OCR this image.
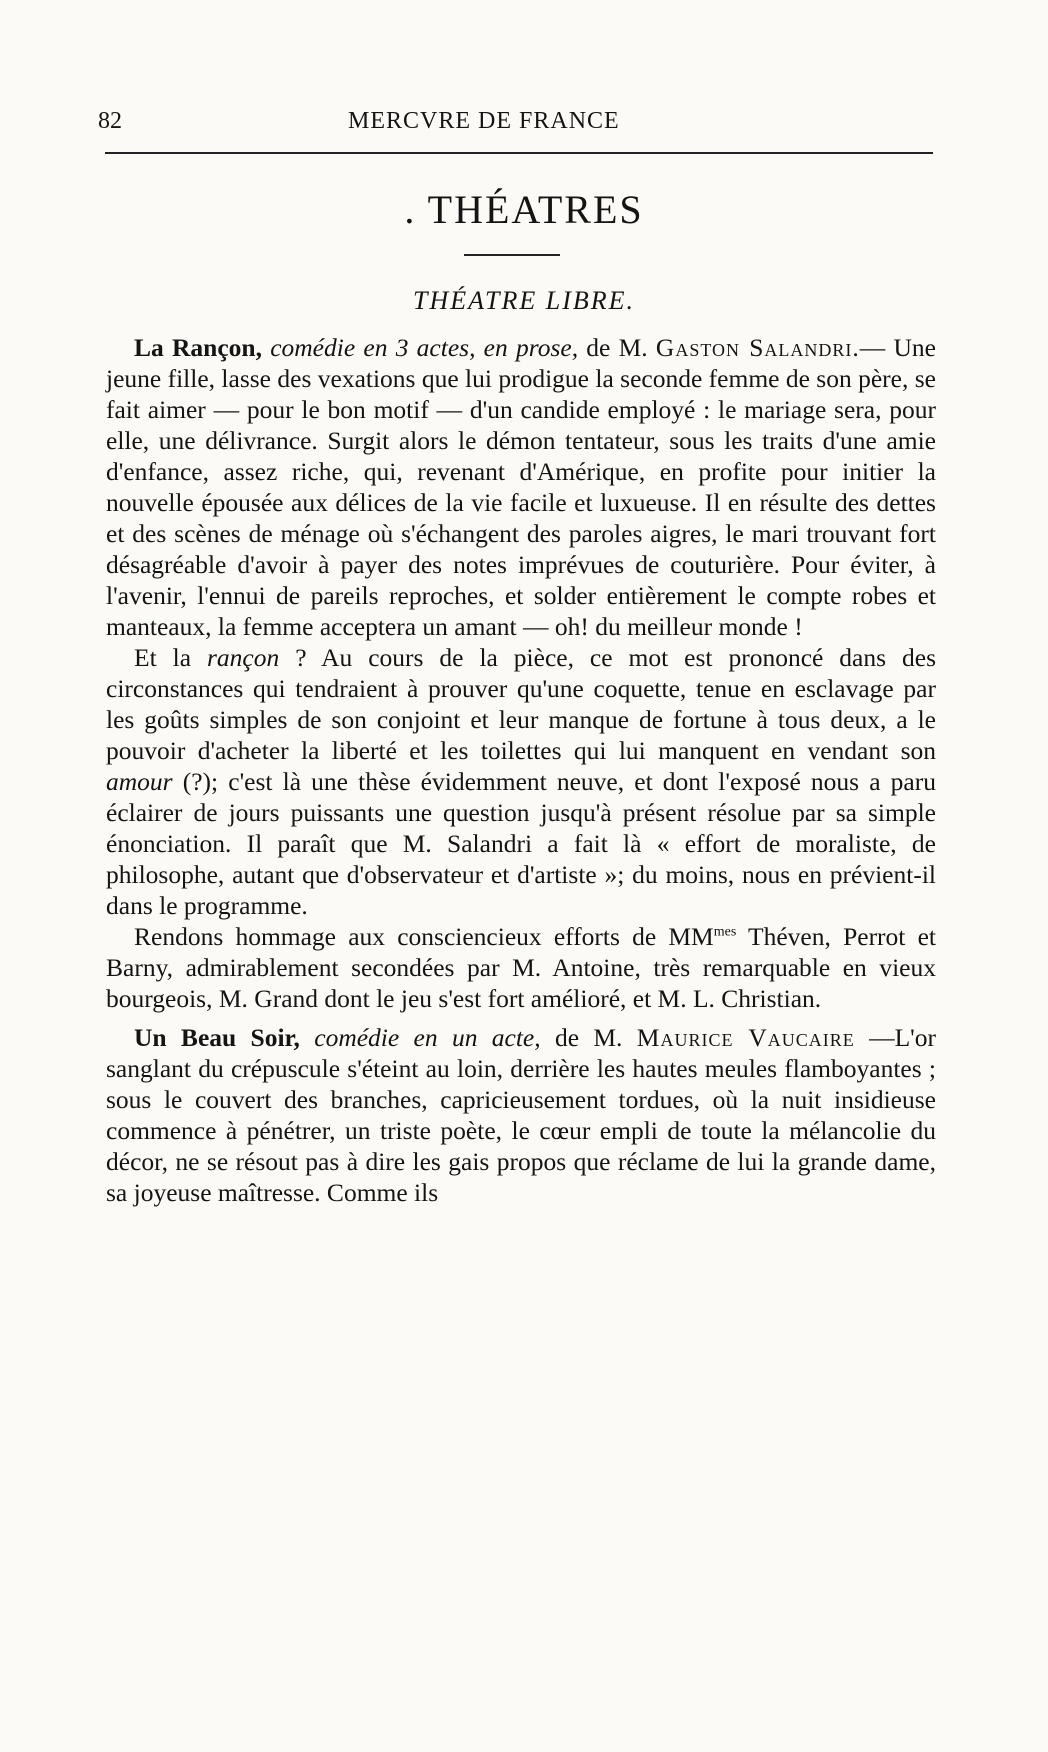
82	MERCVRE DE FRANCE
. THÉATRES
THÉATRE LIBRE.

La Rançon, comédie en 3 actes, en prose, de M. Gaston Salandri.— Une jeune fille, lasse des vexations que lui prodigue la seconde femme de son père, se fait aimer — pour le bon motif — d'un candide employé : le mariage sera, pour elle, une délivrance. Surgit alors le démon tentateur, sous les traits d'une amie d'enfance, assez riche, qui, revenant d'Amérique, en profite pour initier la nouvelle épousée aux délices de la vie facile et luxueuse. Il en résulte des dettes et des scènes de ménage où s'échangent des paroles aigres, le mari trouvant fort désagréable d'avoir à payer des notes imprévues de couturière. Pour éviter, à l'avenir, l'ennui de pareils reproches, et solder entièrement le compte robes et manteaux, la femme acceptera un amant — oh! du meilleur monde !

Et la rançon ? Au cours de la pièce, ce mot est prononcé dans des circonstances qui tendraient à prouver qu'une coquette, tenue en esclavage par les goûts simples de son conjoint et leur manque de fortune à tous deux, a le pouvoir d'acheter la liberté et les toilettes qui lui manquent en vendant son amour (?); c'est là une thèse évidemment neuve, et dont l'exposé nous a paru éclairer de jours puissants une question jusqu'à présent résolue par sa simple énonciation. Il paraît que M. Salandri a fait là « effort de moraliste, de philosophe, autant que d'observateur et d'artiste »; du moins, nous en prévient-il dans le programme.

Rendons hommage aux consciencieux efforts de $MM^{mes}$ Théven, Perrot et Barny, admirablement secondées par M. Antoine, très remarquable en vieux bourgeois, M. Grand dont le jeu s'est fort amélioré, et M. L. Christian.

Un Beau Soir, comédie en un acte, de M. Maurice Vaucaire —L'or sanglant du crépuscule s'éteint au loin, derrière les hautes meules flamboyantes ; sous le couvert des branches, capricieusement tordues, où la nuit insidieuse commence à pénétrer, un triste poète, le cœur empli de toute la mélancolie du décor, ne se résout pas à dire les gais propos que réclame de lui la grande dame, sa joyeuse maîtresse. Comme ils
